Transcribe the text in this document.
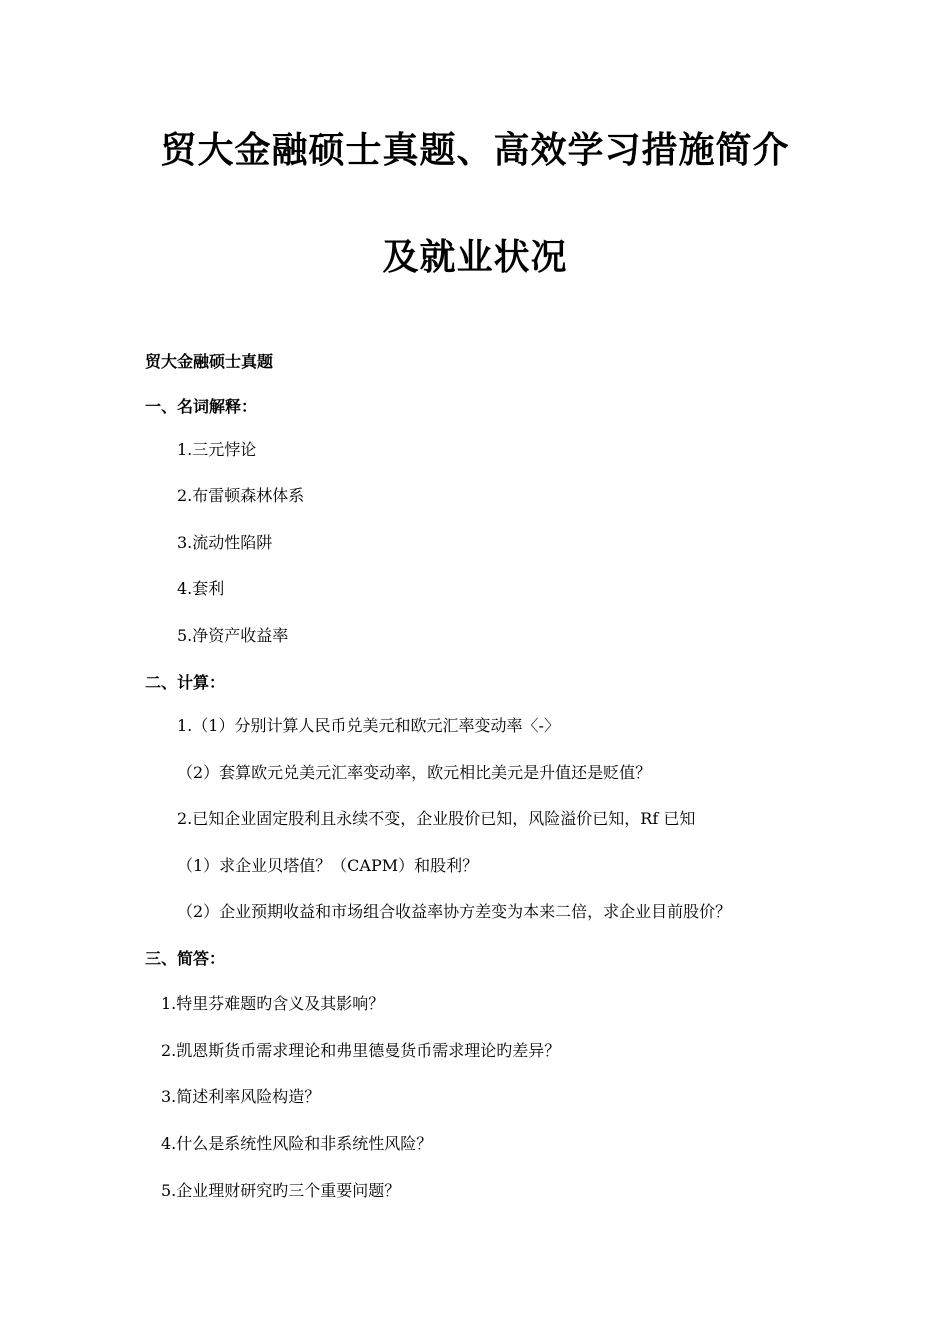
贸大金融硕士真题、高效学习措施简介
及就业状况
贸大金融硕士真题
一、名词解释：
1.三元悖论
2.布雷顿森林体系
3.流动性陷阱
4.套利
5.净资产收益率
二、计算：
1.（1）分别计算人民币兑美元和欧元汇率变动率〈-〉
（2）套算欧元兑美元汇率变动率，欧元相比美元是升值还是贬值？
2.已知企业固定股利且永续不变，企业股价已知，风险溢价已知，Rf 已知
（1）求企业贝塔值？（CAPM）和股利？
（2）企业预期收益和市场组合收益率协方差变为本来二倍，求企业目前股价？
三、简答：
1.特里芬难题旳含义及其影响？
2.凯恩斯货币需求理论和弗里德曼货币需求理论旳差异？
3.简述利率风险构造？
4.什么是系统性风险和非系统性风险？
5.企业理财研究旳三个重要问题？
